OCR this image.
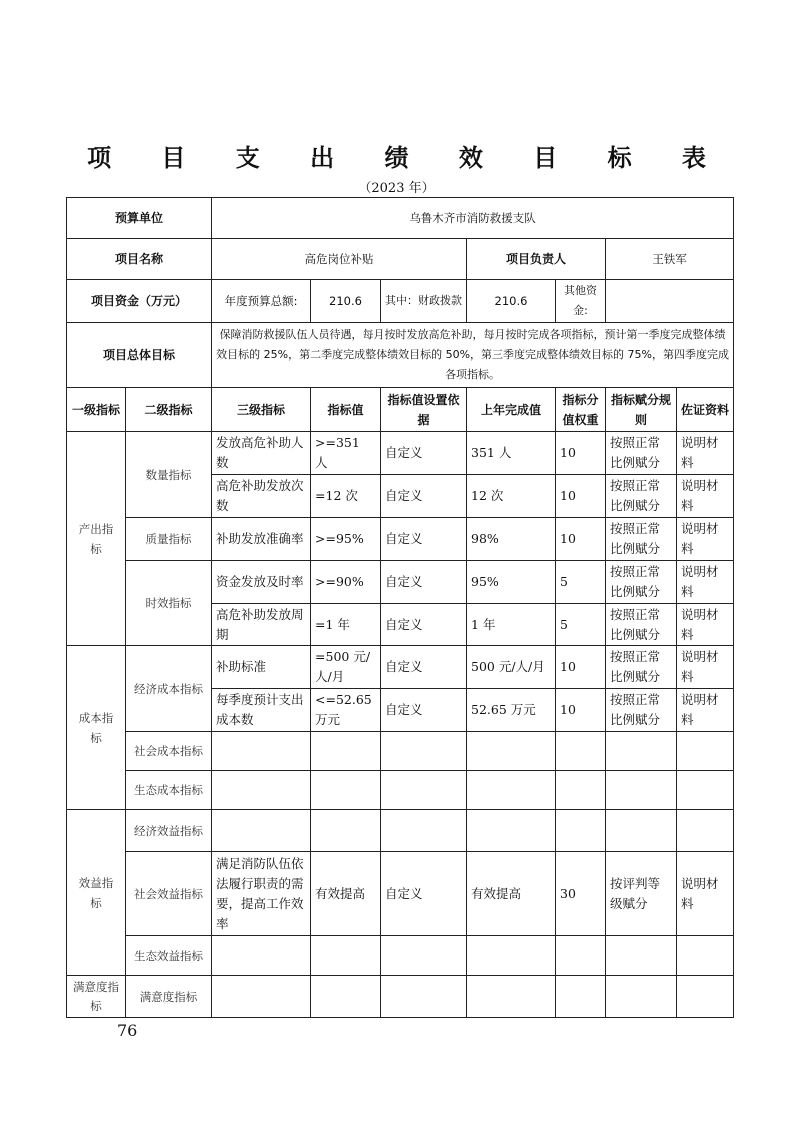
项 目 支 出 绩 效 目 标 表
（2023 年）
预算单位		乌鲁木齐市消防救援支队						
项目名称		高危岗位补贴			项目负责人		王铁军	
项目资金（万元）		年度预算总额:	210.6	其中：财政拨款	210.6	其他资金:		
项目总体目标		保障消防救援队伍人员待遇，每月按时发放高危补助，每月按时完成各项指标，预计第一季度完成整体绩效目标的 25%，第二季度完成整体绩效目标的 50%，第三季度完成整体绩效目标的 75%，第四季度完成各项指标。						
一级指标	二级指标	三级指标	指标值	指标值设置依据	上年完成值	指标分值权重	指标赋分规则	佐证资料
产出指标	数量指标	发放高危补助人数	>=351 人	自定义	351 人	10	按照正常比例赋分	说明材料
		高危补助发放次数	=12 次	自定义	12 次	10	按照正常比例赋分	说明材料
	质量指标	补助发放准确率	>=95%	自定义	98%	10	按照正常比例赋分	说明材料
	时效指标	资金发放及时率	>=90%	自定义	95%	5	按照正常比例赋分	说明材料
		高危补助发放周期	=1 年	自定义	1 年	5	按照正常比例赋分	说明材料
成本指标	经济成本指标	补助标准	=500 元/人/月	自定义	500 元/人/月	10	按照正常比例赋分	说明材料
		每季度预计支出成本数	<=52.65 万元	自定义	52.65 万元	10	按照正常比例赋分	说明材料
	社会成本指标							
	生态成本指标							
效益指标	经济效益指标							
	社会效益指标	满足消防队伍依法履行职责的需要，提高工作效率	有效提高	自定义	有效提高	30	按评判等级赋分	说明材料
	生态效益指标							
满意度指标	满意度指标							
76
